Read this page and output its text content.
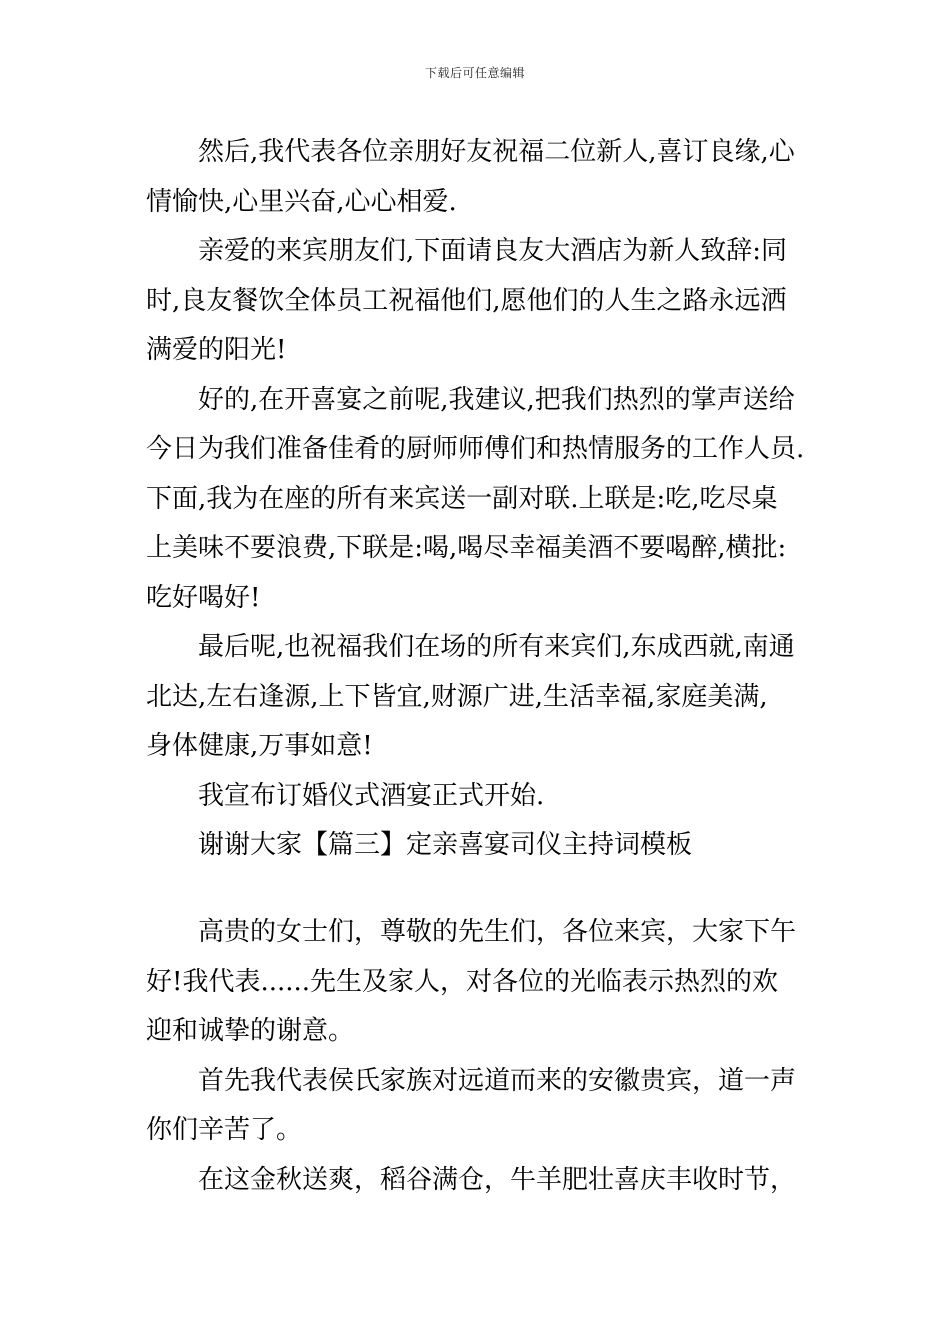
下载后可任意编辑

然后,我代表各位亲朋好友祝福二位新人,喜订良缘,心
情愉快,心里兴奋,心心相爱.

亲爱的来宾朋友们,下面请良友大酒店为新人致辞:同
时,良友餐饮全体员工祝福他们,愿他们的人生之路永远洒
满爱的阳光!

好的,在开喜宴之前呢,我建议,把我们热烈的掌声送给
今日为我们准备佳肴的厨师师傅们和热情服务的工作人员.
下面,我为在座的所有来宾送一副对联.上联是:吃,吃尽桌
上美味不要浪费,下联是:喝,喝尽幸福美酒不要喝醉,横批:
吃好喝好!

最后呢,也祝福我们在场的所有来宾们,东成西就,南通
北达,左右逢源,上下皆宜,财源广进,生活幸福,家庭美满,
身体健康,万事如意!

我宣布订婚仪式酒宴正式开始.

谢谢大家【篇三】定亲喜宴司仪主持词模板

高贵的女士们，尊敬的先生们，各位来宾，大家下午
好!我代表......先生及家人，对各位的光临表示热烈的欢
迎和诚挚的谢意。

首先我代表侯氏家族对远道而来的安徽贵宾，道一声
你们辛苦了。

在这金秋送爽，稻谷满仓，牛羊肥壮喜庆丰收时节，
